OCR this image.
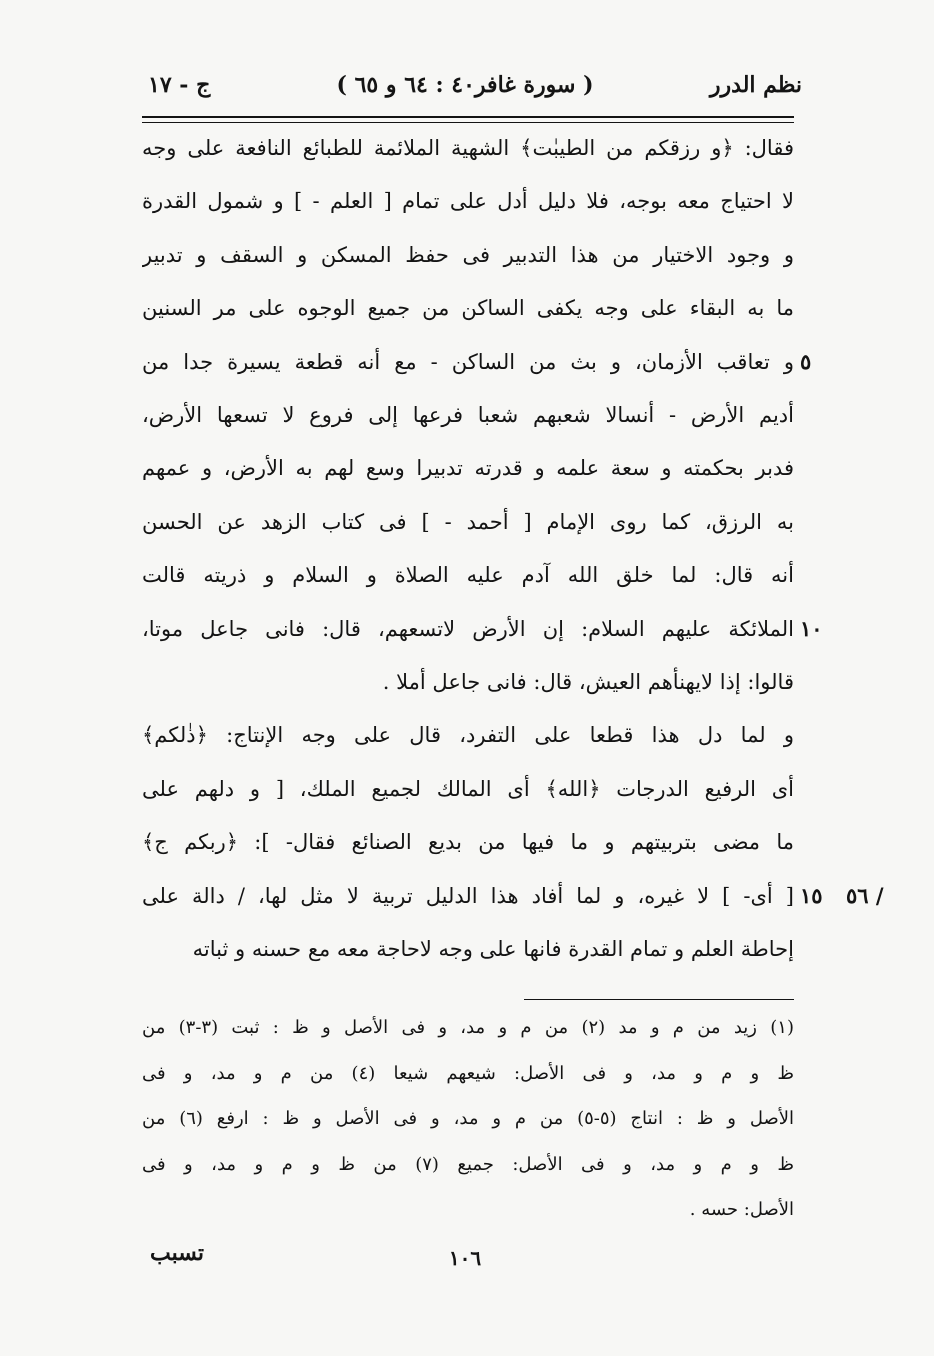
نظم الدرر
( سورة غافر٤٠ : ٦٤ و ٦٥ )
ج - ١٧
فقال: ﴿و رزقكم من الطيبٰت﴾ الشهية الملائمة للطبائع النافعة على وجه
لا احتياج معه بوجه، فلا دليل أدل على تمام [ العلم - ] و شمول القدرة
و وجود الاختيار من هذا التدبير فى حفظ المسكن و السقف و تدبير
ما به البقاء على وجه يكفى الساكن من جميع الوجوه على مر السنين
و تعاقب الأزمان، و بث من الساكن - مع أنه قطعة يسيرة جدا من
أديم الأرض - أنسالا شعبهم شعبا فرعها إلى فروع لا تسعها الأرض،
فدبر بحكمته و سعة علمه و قدرته تدبيرا وسع لهم به الأرض، و عمهم
به الرزق، كما روى الإمام [ أحمد - ] فى كتاب الزهد عن الحسن
أنه قال: لما خلق الله آدم عليه الصلاة و السلام و ذريته قالت
الملائكة عليهم السلام: إن الأرض لاتسعهم، قال: فانى جاعل موتا،
قالوا: إذا لايهنأهم العيش، قال: فانى جاعل أملا .
و لما دل هذا قطعا على التفرد، قال على وجه الإنتاج: ﴿ذٰلكم﴾
أى الرفيع الدرجات ﴿الله﴾ أى المالك لجميع الملك، [ و دلهم على
ما مضى بتربيتهم و ما فيها من بديع الصنائع فقال- ]: ﴿ربكم ج﴾
[ أى- ] لا غيره، و لما أفاد هذا الدليل تربية لا مثل لها، / دالة على
إحاطة العلم و تمام القدرة فانها على وجه لاحاجة معه مع حسنه و ثباته
(١) زيد من م و مد (٢) من م و مد، و فى الأصل و ظ : ثبت (٣-٣) من
ظ و م و مد، و فى الأصل: شيعهم شيعا (٤) من م و مد، و فى
الأصل و ظ : انتاج (٥-٥) من م و مد، و فى الأصل و ظ : ارفع (٦) من
ظ و م و مد، و فى الأصل: جميع (٧) من ظ و م و مد، و فى
الأصل: حسه .
١٠٦
تسبب
٥
١٠
١٥ ٥٦ /
